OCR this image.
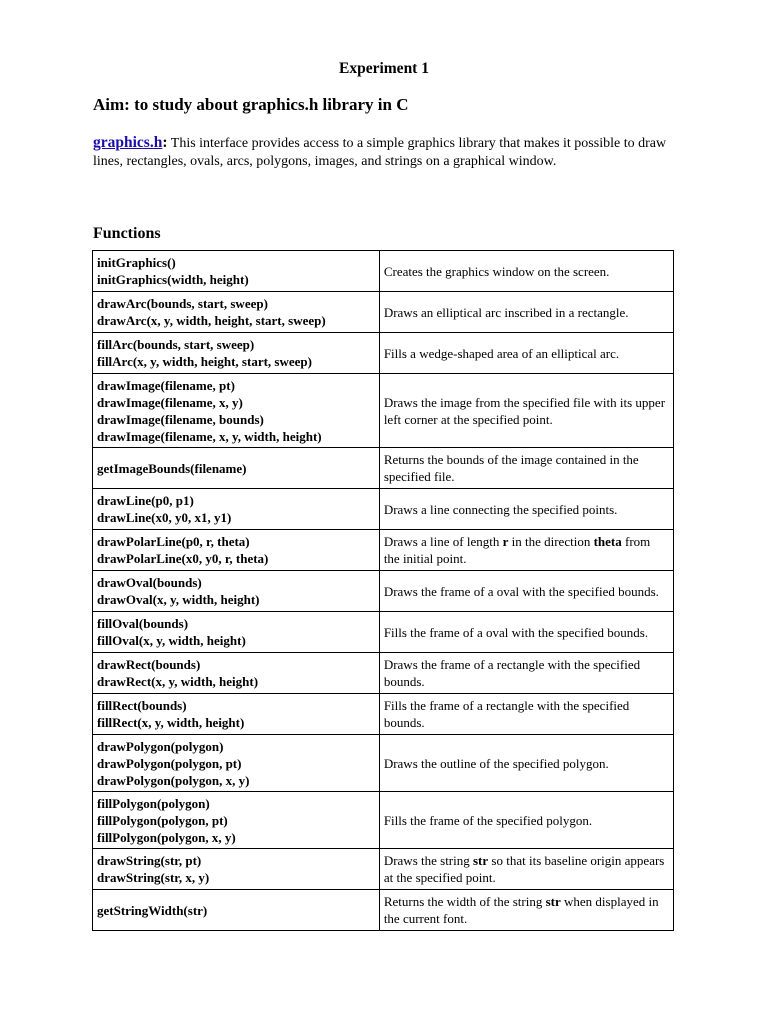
Experiment 1
Aim: to study about graphics.h library in C
graphics.h: This interface provides access to a simple graphics library that makes it possible to draw lines, rectangles, ovals, arcs, polygons, images, and strings on a graphical window.
Functions
initGraphics()
initGraphics(width, height)	Creates the graphics window on the screen.

drawArc(bounds, start, sweep)
drawArc(x, y, width, height, start, sweep)	Draws an elliptical arc inscribed in a rectangle.

fillArc(bounds, start, sweep)
fillArc(x, y, width, height, start, sweep)	Fills a wedge-shaped area of an elliptical arc.

drawImage(filename, pt)
drawImage(filename, x, y)
drawImage(filename, bounds)
drawImage(filename, x, y, width, height)	Draws the image from the specified file with its upper left corner at the specified point.

getImageBounds(filename)	Returns the bounds of the image contained in the specified file.

drawLine(p0, p1)
drawLine(x0, y0, x1, y1)	Draws a line connecting the specified points.

drawPolarLine(p0, r, theta)
drawPolarLine(x0, y0, r, theta)	Draws a line of length r in the direction theta from the initial point.

drawOval(bounds)
drawOval(x, y, width, height)	Draws the frame of a oval with the specified bounds.

fillOval(bounds)
fillOval(x, y, width, height)	Fills the frame of a oval with the specified bounds.

drawRect(bounds)
drawRect(x, y, width, height)	Draws the frame of a rectangle with the specified bounds.

fillRect(bounds)
fillRect(x, y, width, height)	Fills the frame of a rectangle with the specified bounds.

drawPolygon(polygon)
drawPolygon(polygon, pt)
drawPolygon(polygon, x, y)	Draws the outline of the specified polygon.

fillPolygon(polygon)
fillPolygon(polygon, pt)
fillPolygon(polygon, x, y)	Fills the frame of the specified polygon.

drawString(str, pt)
drawString(str, x, y)	Draws the string str so that its baseline origin appears at the specified point.

getStringWidth(str)	Returns the width of the string str when displayed in the current font.
